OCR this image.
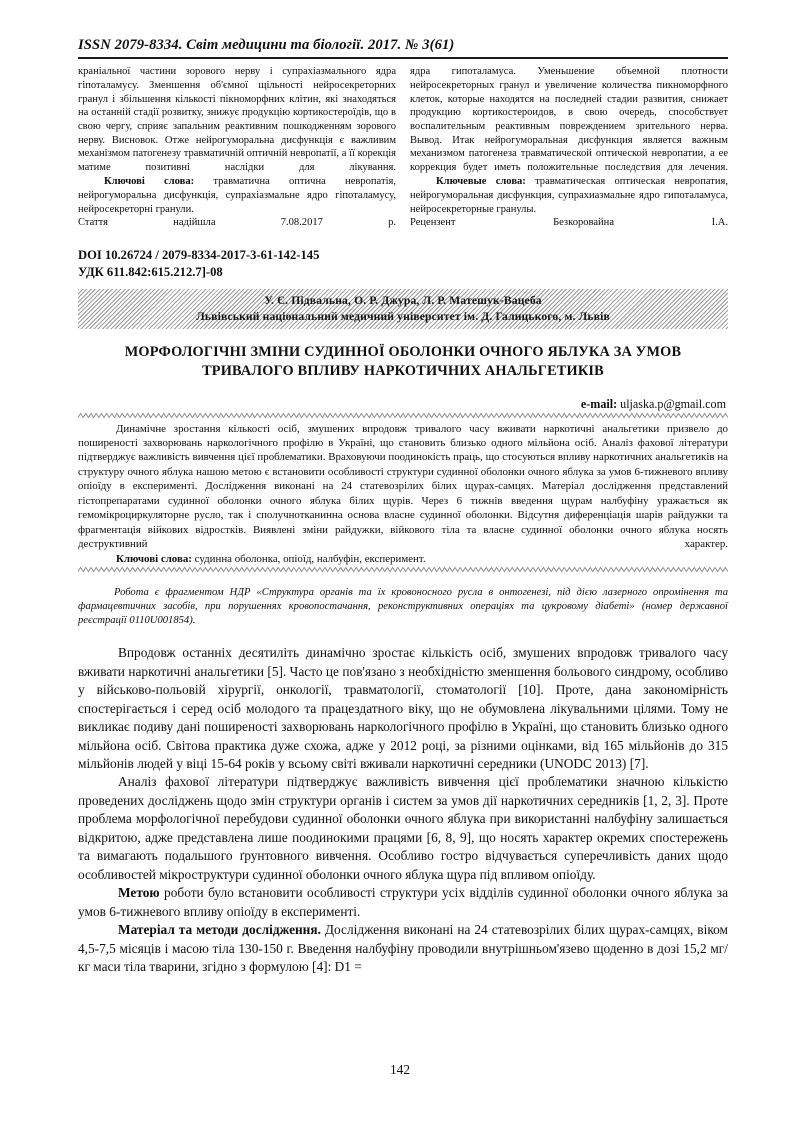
ISSN 2079-8334. Світ медицини та біології. 2017. № 3(61)

краніальної частини зорового нерву і супрахіазмального ядра гіпоталамусу. Зменшення об'ємної щільності нейросекреторних гранул і збільшення кількості пікноморфних клітин, які знаходяться на останній стадії розвитку, знижує продукцію кортикостероїдів, що в свою чергу, сприяє запальним реактивним пошкодженням зорового нерву. Висновок. Отже нейрогуморальна дисфункція є важливим механізмом патогенезу травматичній оптичній невропатії, а її корекція матиме позитивні наслідки для лікування.

Ключові слова: травматична оптична невропатія, нейрогуморальна дисфункція, супрахіазмальне ядро гіпоталамусу, нейросекреторні гранули.

Стаття надійшла 7.08.2017 р.

ядра гипоталамуса. Уменьшение объемной плотности нейросекреторных гранул и увеличение количества пикноморфного клеток, которые находятся на последней стадии развития, снижает продукцию кортикостероидов, в свою очередь, способствует воспалительным реактивным повреждением зрительного нерва. Вывод. Итак нейрогуморальная дисфункция является важным механизмом патогенеза травматической оптической невропатии, а ее коррекция будет иметь положительные последствия для лечения.

Ключевые слова: травматическая оптическая невропатия, нейрогуморальная дисфункция, супрахиазмальне ядро гипоталамуса, нейросекреторные гранулы.

Рецензент Безкоровайна І.А.

DOI 10.26724 / 2079-8334-2017-3-61-142-145
УДК 611.842:615.212.7]-08
У. Є. Підвальна, О. Р. Джура, Л. Р. Матешук-Вацеба
Львівський національний медичний університет ім. Д. Галицького, м. Львів
МОРФОЛОГІЧНІ ЗМІНИ СУДИННОЇ ОБОЛОНКИ ОЧНОГО ЯБЛУКА ЗА УМОВ
ТРИВАЛОГО ВПЛИВУ НАРКОТИЧНИХ АНАЛЬГЕТИКІВ
e-mail: uljaska.p@gmail.com

Динамічне зростання кількості осіб, змушених впродовж тривалого часу вживати наркотичні анальгетики призвело до поширеності захворювань наркологічного профілю в Україні, що становить близько одного мільйона осіб. Аналіз фахової літератури підтверджує важливість вивчення цієї проблематики. Враховуючи поодинокість праць, що стосуються впливу наркотичних анальгетиків на структуру очного яблука нашою метою є встановити особливості структури судинної оболонки очного яблука за умов 6-тижневого впливу опіоїду в експерименті. Дослідження виконані на 24 статевозрілих білих щурах-самцях. Матеріал дослідження представлений гістопрепаратами судинної оболонки очного яблука білих щурів. Через 6 тижнів введення щурам налбуфіну уражається як гемомікроциркуляторне русло, так і сполучнотканинна основа власне судинної оболонки. Відсутня диференціація шарів райдужки та фрагментація війкових відростків. Виявлені зміни райдужки, війкового тіла та власне судинної оболонки очного яблука носять деструктивний характер.

Ключові слова: судинна оболонка, опіоїд, налбуфін, експеримент.

Робота є фрагментом НДР «Структура органів та їх кровоносного русла в онтогенезі, під дією лазерного опромінення та фармацевтичних засобів, при порушеннях кровопостачання, реконструктивних операціях та цукровому діабеті» (номер державної реєстрації 0110U001854).

Впродовж останніх десятиліть динамічно зростає кількість осіб, змушених впродовж тривалого часу вживати наркотичні анальгетики [5]. Часто це пов'язано з необхідністю зменшення больового синдрому, особливо у військово-польовій хірургії, онкології, травматології, стоматології [10]. Проте, дана закономірність спостерігається і серед осіб молодого та працездатного віку, що не обумовлена лікувальними цілями. Тому не викликає подиву дані поширеності захворювань наркологічного профілю в Україні, що становить близько одного мільйона осіб. Світова практика дуже схожа, адже у 2012 році, за різними оцінками, від 165 мільйонів до 315 мільйонів людей у віці 15-64 років у всьому світі вживали наркотичні середники (UNODC 2013) [7].

Аналіз фахової літератури підтверджує важливість вивчення цієї проблематики значною кількістю проведених досліджень щодо змін структури органів і систем за умов дії наркотичних середників [1, 2, 3]. Проте проблема морфологічної перебудови судинної оболонки очного яблука при використанні налбуфіну залишається відкритою, адже представлена лише поодинокими працями [6, 8, 9], що носять характер окремих спостережень та вимагають подальшого ґрунтовного вивчення. Особливо гостро відчувається суперечливість даних щодо особливостей мікроструктури судинної оболонки очного яблука щура під впливом опіоїду.

Метою роботи було встановити особливості структури усіх відділів судинної оболонки очного яблука за умов 6-тижневого впливу опіоїду в експерименті.

Матеріал та методи дослідження. Дослідження виконані на 24 статевозрілих білих щурах-самцях, віком 4,5-7,5 місяців і масою тіла 130-150 г. Введення налбуфіну проводили внутрішньом'язево щоденно в дозі 15,2 мг/кг маси тіла тварини, згідно з формулою [4]: D1 =

142
